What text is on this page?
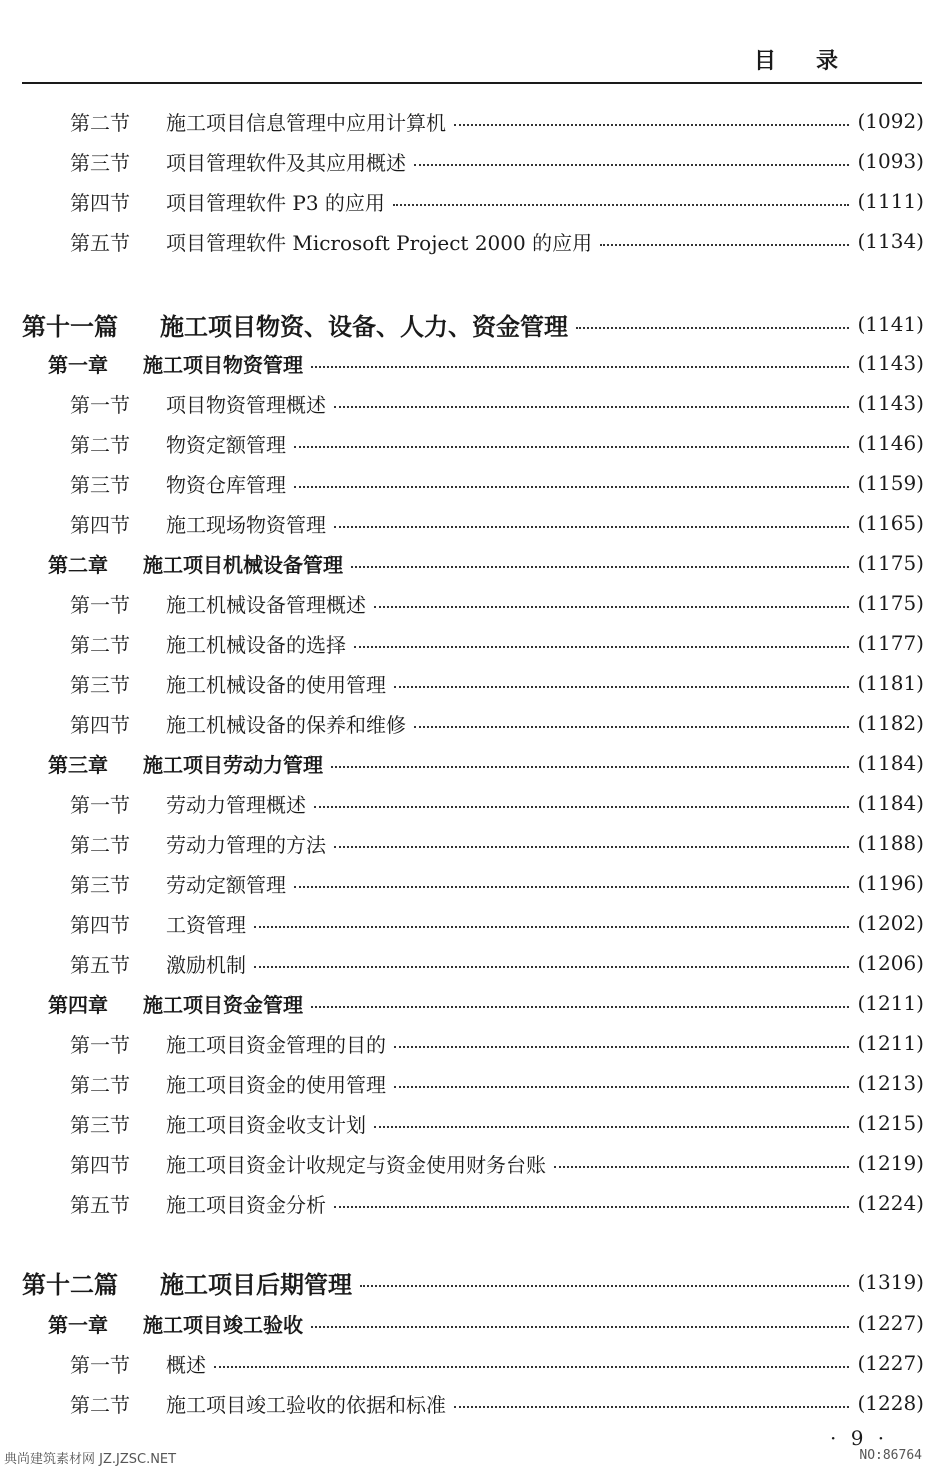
目录
第二节	施工项目信息管理中应用计算机	(1092)
第三节	项目管理软件及其应用概述	(1093)
第四节	项目管理软件 P3 的应用	(1111)
第五节	项目管理软件 Microsoft Project 2000 的应用	(1134)
第十一篇	施工项目物资、设备、人力、资金管理	(1141)
第一章	施工项目物资管理	(1143)
第一节	项目物资管理概述	(1143)
第二节	物资定额管理	(1146)
第三节	物资仓库管理	(1159)
第四节	施工现场物资管理	(1165)
第二章	施工项目机械设备管理	(1175)
第一节	施工机械设备管理概述	(1175)
第二节	施工机械设备的选择	(1177)
第三节	施工机械设备的使用管理	(1181)
第四节	施工机械设备的保养和维修	(1182)
第三章	施工项目劳动力管理	(1184)
第一节	劳动力管理概述	(1184)
第二节	劳动力管理的方法	(1188)
第三节	劳动定额管理	(1196)
第四节	工资管理	(1202)
第五节	激励机制	(1206)
第四章	施工项目资金管理	(1211)
第一节	施工项目资金管理的目的	(1211)
第二节	施工项目资金的使用管理	(1213)
第三节	施工项目资金收支计划	(1215)
第四节	施工项目资金计收规定与资金使用财务台账	(1219)
第五节	施工项目资金分析	(1224)
第十二篇	施工项目后期管理	(1319)
第一章	施工项目竣工验收	(1227)
第一节	概述	(1227)
第二节	施工项目竣工验收的依据和标准	(1228)
· 9 ·
典尚建筑素材网 JZ.JZSC.NET	NO:86764
